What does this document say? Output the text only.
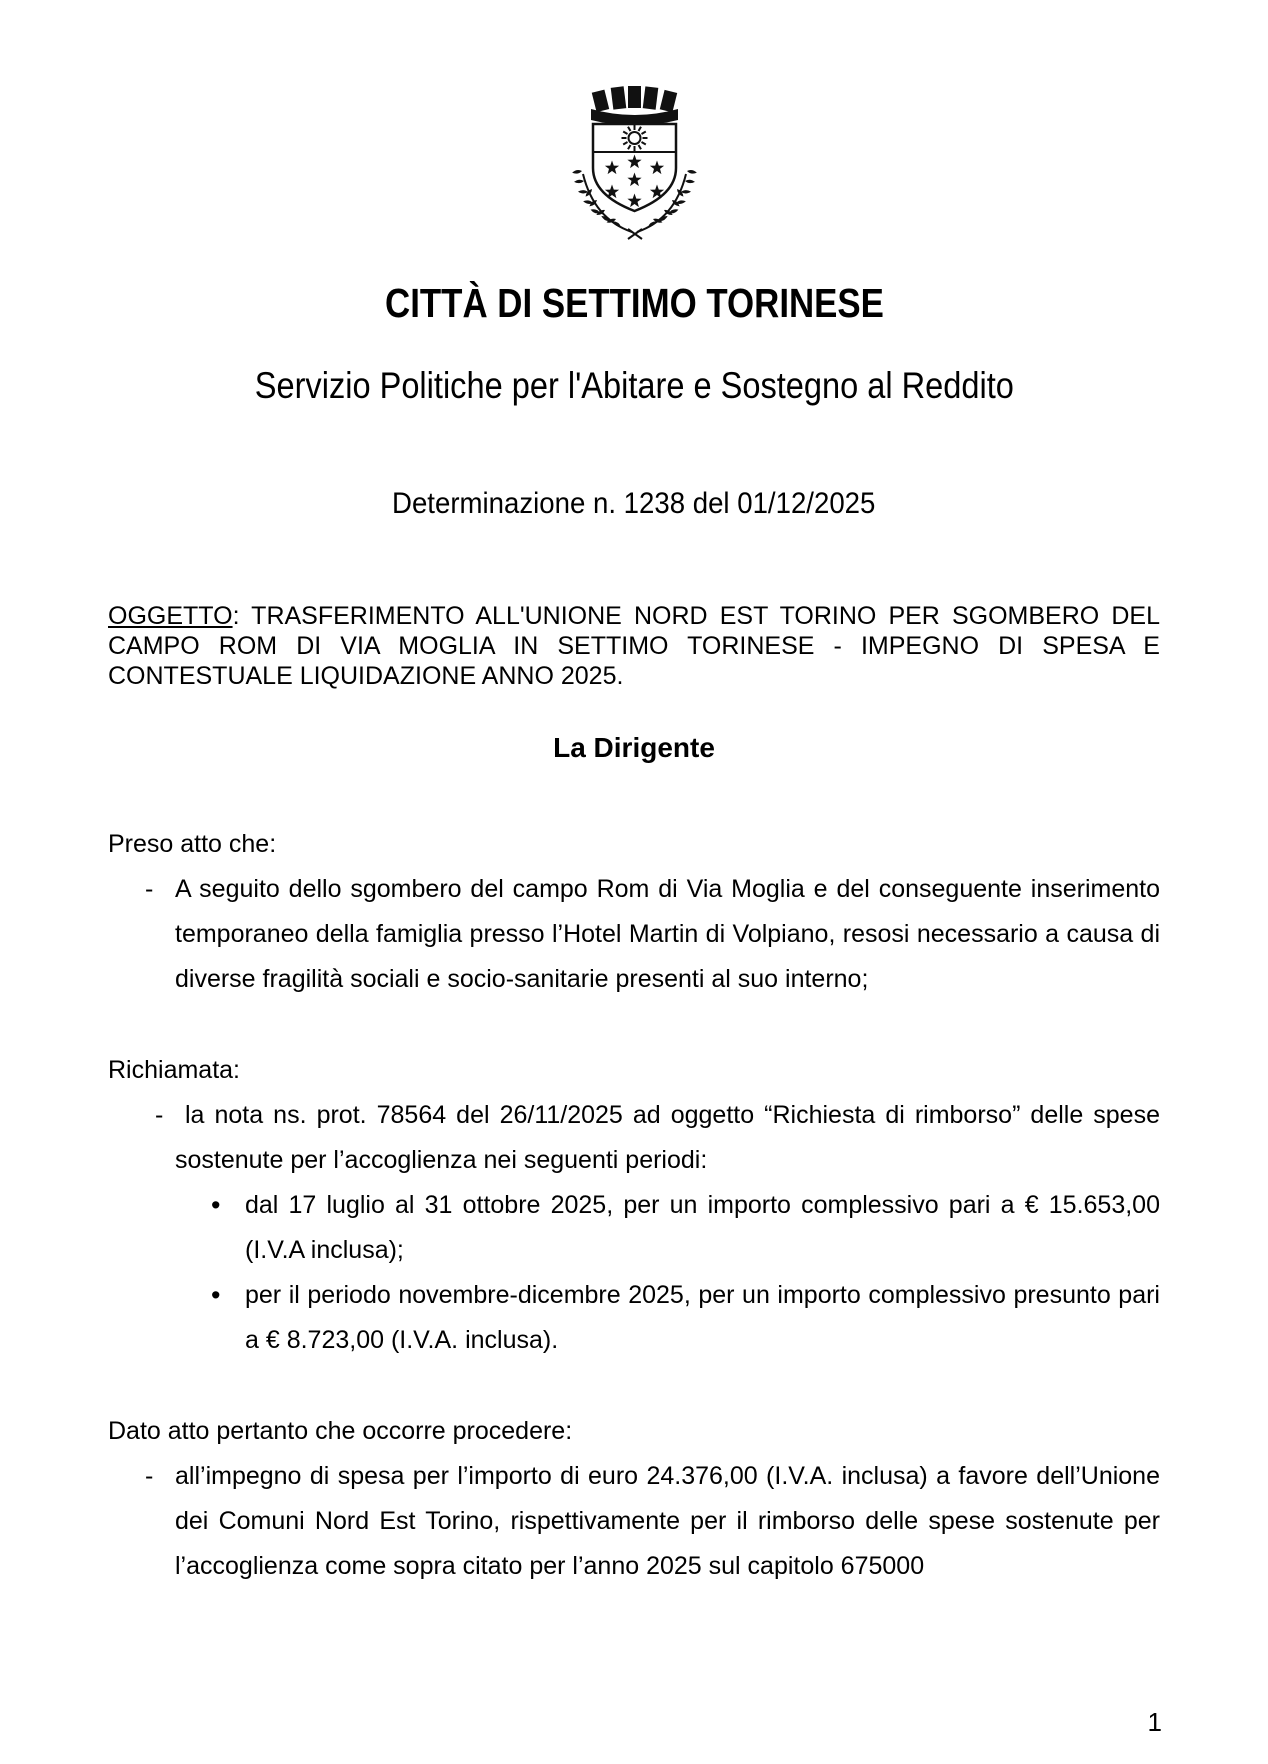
CITTÀ DI SETTIMO TORINESE
Servizio Politiche per l'Abitare e Sostegno al Reddito
Determinazione n. 1238 del 01/12/2025

OGGETTO: TRASFERIMENTO ALL'UNIONE NORD EST TORINO PER SGOMBERO DEL CAMPO ROM DI VIA MOGLIA IN SETTIMO TORINESE - IMPEGNO DI SPESA E CONTESTUALE LIQUIDAZIONE ANNO 2025.

La Dirigente
Preso atto che:
- A seguito dello sgombero del campo Rom di Via Moglia e del conseguente inserimento temporaneo della famiglia presso l’Hotel Martin di Volpiano, resosi necessario a causa di diverse fragilità sociali e socio-sanitarie presenti al suo interno;
Richiamata:
- la nota ns. prot. 78564 del 26/11/2025 ad oggetto “Richiesta di rimborso” delle spese sostenute per l’accoglienza nei seguenti periodi:
• dal 17 luglio al 31 ottobre 2025, per un importo complessivo pari a € 15.653,00 (I.V.A inclusa);
• per il periodo novembre-dicembre 2025, per un importo complessivo presunto pari a € 8.723,00 (I.V.A. inclusa).
Dato atto pertanto che occorre procedere:
- all’impegno di spesa per l’importo di euro 24.376,00 (I.V.A. inclusa) a favore dell’Unione dei Comuni Nord Est Torino, rispettivamente per il rimborso delle spese sostenute per l’accoglienza come sopra citato per l’anno 2025 sul capitolo 675000
1
